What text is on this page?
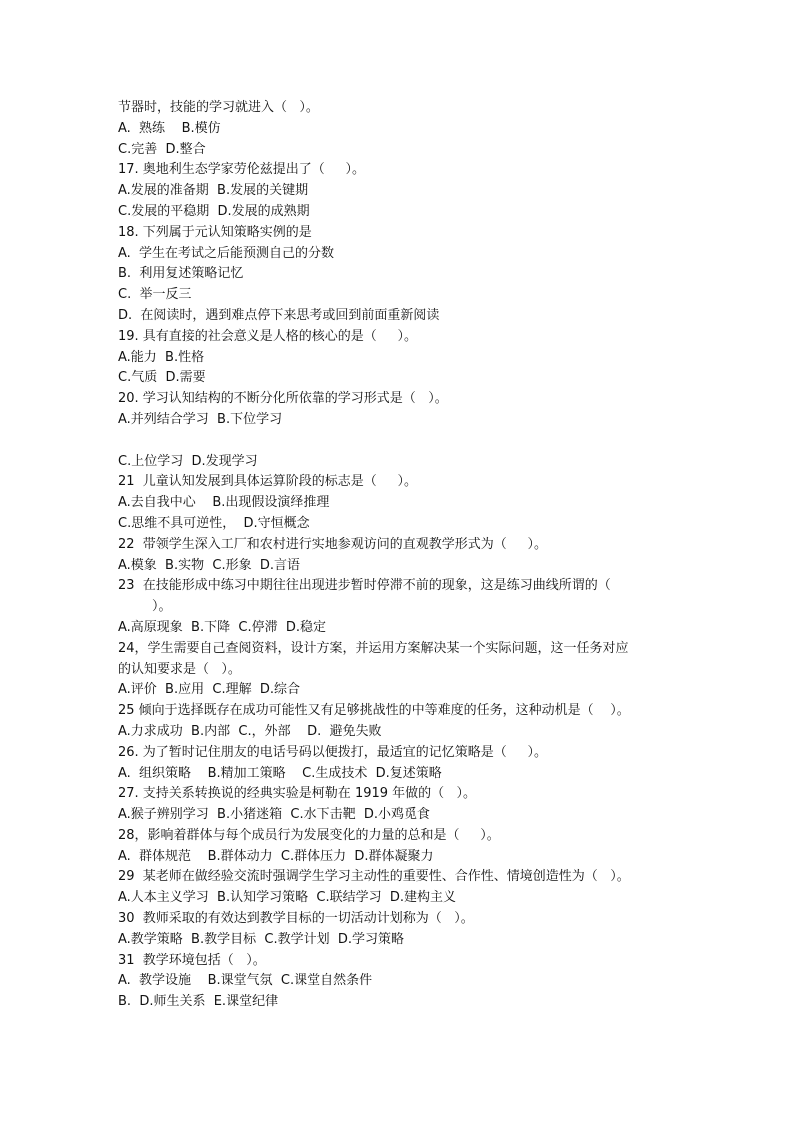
节器时，技能的学习就进入（   ）。
A.  熟练    B.模仿
C.完善  D.整合
17. 奥地利生态学家劳伦兹提出了（     ）。
A.发展的准备期  B.发展的关键期
C.发展的平稳期  D.发展的成熟期
18. 下列属于元认知策略实例的是
A.  学生在考试之后能预测自己的分数
B.  利用复述策略记忆
C.  举一反三
D.  在阅读时，遇到难点停下来思考或回到前面重新阅读
19. 具有直接的社会意义是人格的核心的是（     ）。
A.能力  B.性格
C.气质  D.需要
20. 学习认知结构的不断分化所依靠的学习形式是（   ）。
A.并列结合学习  B.下位学习
C.上位学习  D.发现学习
21  儿童认知发展到具体运算阶段的标志是（     ）。
A.去自我中心    B.出现假设演绎推理
C.思维不具可逆性，  D.守恒概念
22  带领学生深入工厂和农村进行实地参观访问的直观教学形式为（     ）。
A.模象  B.实物  C.形象  D.言语
23  在技能形成中练习中期往往出现进步暂时停滞不前的现象，这是练习曲线所谓的（
）。
A.高原现象  B.下降  C.停滞  D.稳定
24，学生需要自己查阅资料，设计方案，并运用方案解决某一个实际问题，这一任务对应
的认知要求是（   ）。
A.评价  B.应用  C.理解  D.综合
25 倾向于选择既存在成功可能性又有足够挑战性的中等难度的任务，这种动机是（    ）。
A.力求成功  B.内部  C.，外部    D.  避免失败
26. 为了暂时记住朋友的电话号码以便拨打，最适宜的记忆策略是（     ）。
A.  组织策略    B.精加工策略    C.生成技术  D.复述策略
27. 支持关系转换说的经典实验是柯勒在 1919 年做的（   ）。
A.猴子辨别学习  B.小猪迷箱  C.水下击靶  D.小鸡觅食
28，影响着群体与每个成员行为发展变化的力量的总和是（     ）。
A.  群体规范    B.群体动力  C.群体压力  D.群体凝聚力
29  某老师在做经验交流时强调学生学习主动性的重要性、合作性、情境创造性为（   ）。
A.人本主义学习  B.认知学习策略  C.联结学习  D.建构主义
30  教师采取的有效达到教学目标的一切活动计划称为（   ）。
A.教学策略  B.教学目标  C.教学计划  D.学习策略
31  教学环境包括（   ）。
A.  教学设施    B.课堂气氛  C.课堂自然条件
B.  D.师生关系  E.课堂纪律
